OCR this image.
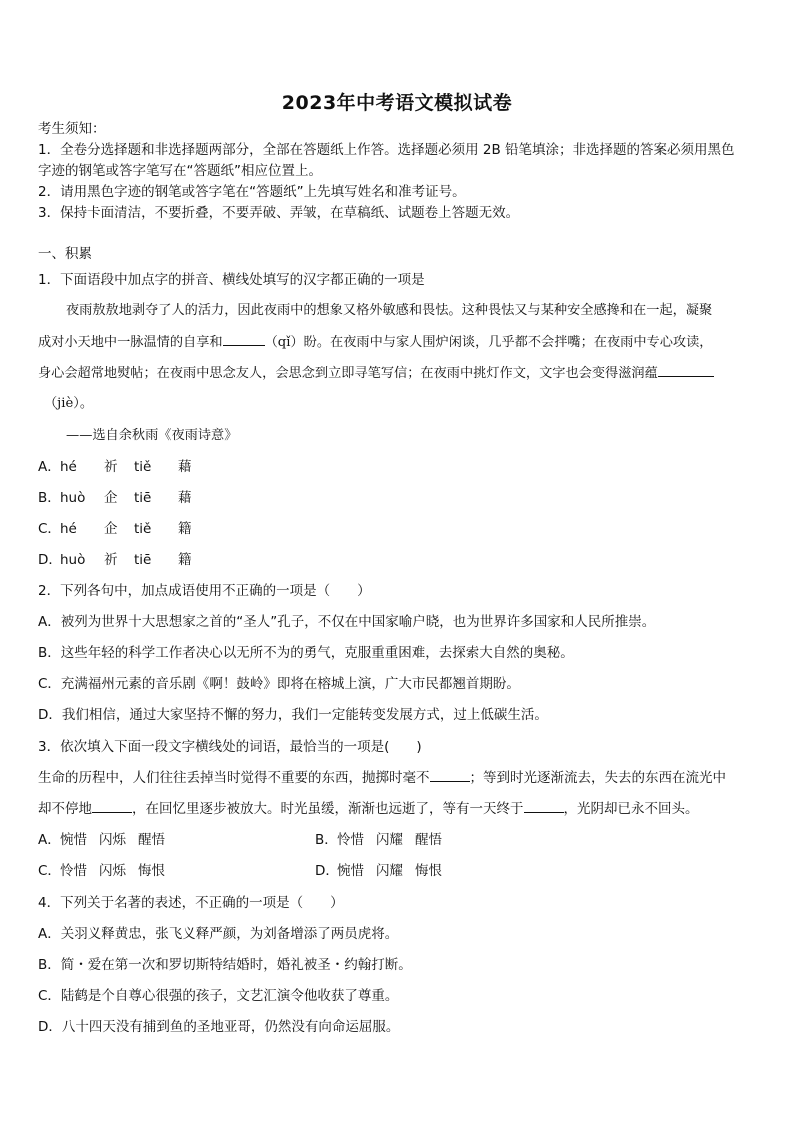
2023年中考语文模拟试卷
考生须知：
1．全卷分选择题和非选择题两部分，全部在答题纸上作答。选择题必须用 2B 铅笔填涂；非选择题的答案必须用黑色
字迹的钢笔或答字笔写在“答题纸”相应位置上。
2．请用黑色字迹的钢笔或答字笔在“答题纸”上先填写姓名和准考证号。
3．保持卡面清洁，不要折叠，不要弄破、弄皱，在草稿纸、试题卷上答题无效。
一、积累
1．下面语段中加点字的拼音、横线处填写的汉字都正确的一项是
夜雨敖敖地剥夺了人的活力，因此夜雨中的想象又格外敏感和畏怯。这种畏怯又与某种安全感搀和在一起，凝聚
成对小天地中一脉温情的自享和	（qǐ）盼。在夜雨中与家人围炉闲谈，几乎都不会拌嘴；在夜雨中专心攻读，
身心会超常地熨帖；在夜雨中思念友人，会思念到立即寻笔写信；在夜雨中挑灯作文，文字也会变得滋润蕴
（jiè）。
——选自余秋雨《夜雨诗意》
A．hé 祈 tiě 藉
B．huò 企 tiē 藉
C．hé 企 tiě 籍
D．huò 祈 tiē 籍
2．下列各句中，加点成语使用不正确的一项是（　　）
A．被列为世界十大思想家之首的“圣人”孔子，不仅在中国家喻户晓，也为世界许多国家和人民所推崇。
B．这些年轻的科学工作者决心以无所不为的勇气，克服重重困难，去探索大自然的奥秘。
C．充满福州元素的音乐剧《啊！鼓岭》即将在榕城上演，广大市民都翘首期盼。
D．我们相信，通过大家坚持不懈的努力，我们一定能转变发展方式，过上低碳生活。
3．依次填入下面一段文字横线处的词语，最恰当的一项是(　　)
生命的历程中，人们往往丢掉当时觉得不重要的东西，抛掷时毫不	；等到时光逐渐流去，失去的东西在流光中
却不停地	，在回忆里逐步被放大。时光虽缓，渐渐也远逝了，等有一天终于	，光阴却已永不回头。
A．惋惜 闪烁 醒悟	B．怜惜 闪耀 醒悟
C．怜惜 闪烁 悔恨	D．惋惜 闪耀 悔恨
4．下列关于名著的表述，不正确的一项是（　　）
A．关羽义释黄忠，张飞义释严颜，为刘备增添了两员虎将。
B．简・爱在第一次和罗切斯特结婚时，婚礼被圣・约翰打断。
C．陆鹤是个自尊心很强的孩子，文艺汇演令他收获了尊重。
D．八十四天没有捕到鱼的圣地亚哥，仍然没有向命运屈服。
